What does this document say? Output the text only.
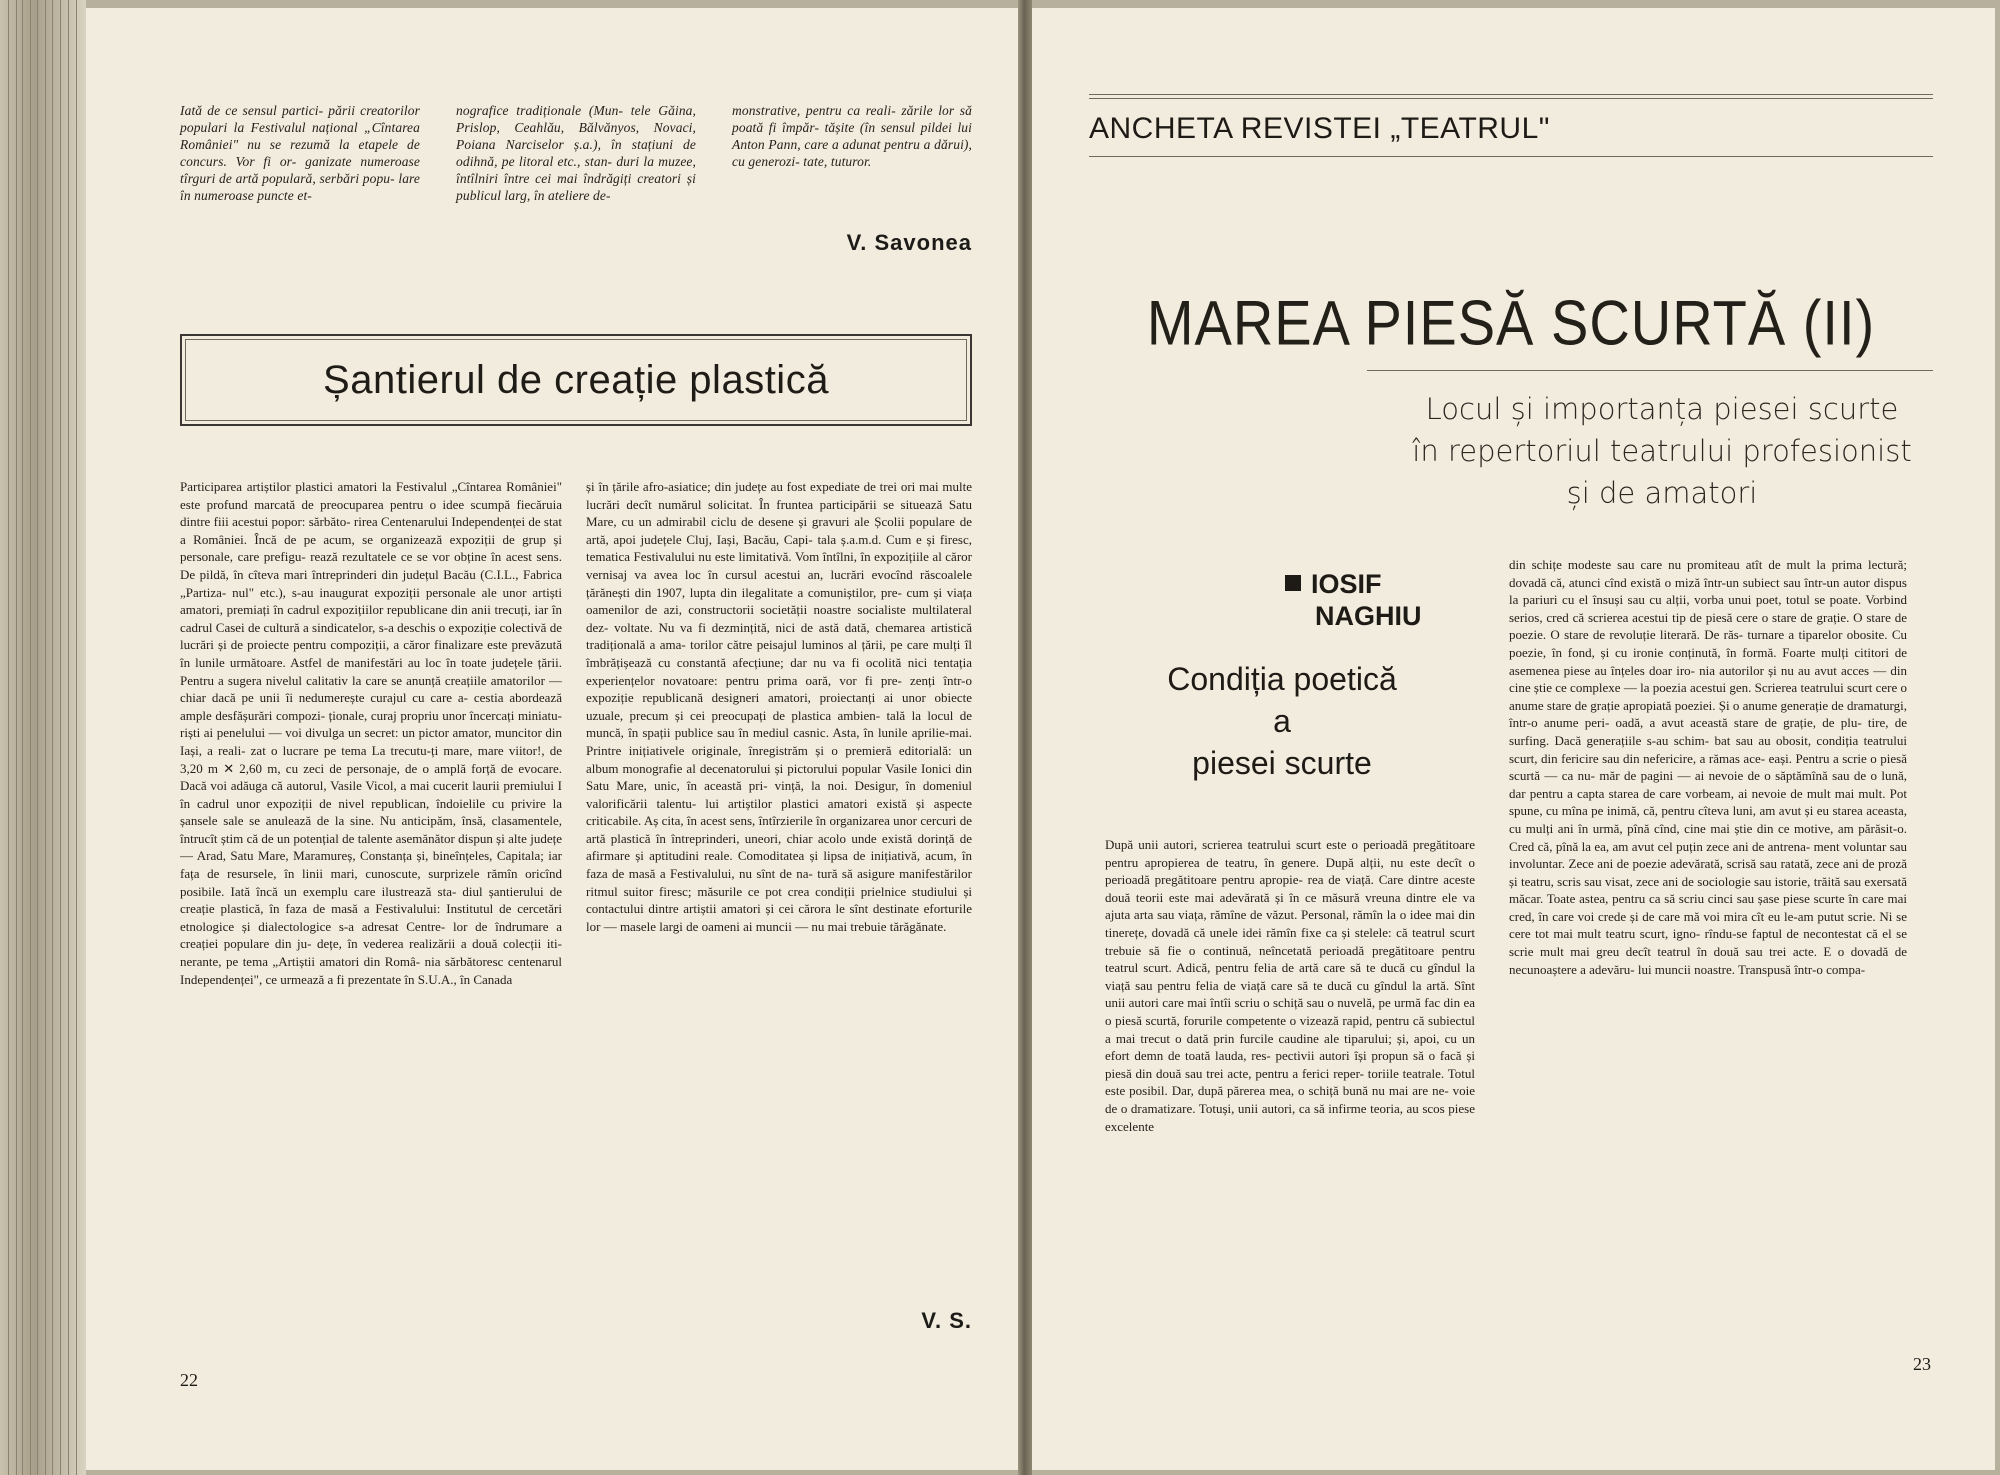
Iată de ce sensul partici- pării creatorilor populari la Festivalul național „Cîntarea României" nu se rezumă la etapele de concurs. Vor fi or- ganizate numeroase tîrguri de artă populară, serbări popu- lare în numeroase puncte et-

nografice tradiționale (Mun- tele Găina, Prislop, Ceahlău, Bălvănyos, Novaci, Poiana Narciselor ș.a.), în stațiuni de odihnă, pe litoral etc., stan- duri la muzee, întîlniri între cei mai îndrăgiți creatori și publicul larg, în ateliere de-

monstrative, pentru ca reali- zările lor să poată fi împăr- tășite (în sensul pildei lui Anton Pann, care a adunat pentru a dărui), cu generozi- tate, tuturor.

V. Savonea
Șantierul de creație plastică

Participarea artiștilor plastici amatori la Festivalul „Cîntarea României" este profund marcată de preocuparea pentru o idee scumpă fiecăruia dintre fiii acestui popor: sărbăto- rirea Centenarului Independenței de stat a României. Încă de pe acum, se organizează expoziții de grup și personale, care prefigu- rează rezultatele ce se vor obține în acest sens. De pildă, în cîteva mari întreprinderi din județul Bacău (C.I.L., Fabrica „Partiza- nul" etc.), s-au inaugurat expoziții personale ale unor artiști amatori, premiați în cadrul expozițiilor republicane din anii trecuți, iar în cadrul Casei de cultură a sindicatelor, s-a deschis o expoziție colectivă de lucrări și de proiecte pentru compoziții, a căror finalizare este prevăzută în lunile următoare. Astfel de manifestări au loc în toate județele țării. Pentru a sugera nivelul calitativ la care se anunță creațiile amatorilor — chiar dacă pe unii îi nedumerește curajul cu care a- cestia abordează ample desfășurări compozi- ționale, curaj propriu unor încercați miniatu- riști ai penelului — voi divulga un secret: un pictor amator, muncitor din Iași, a reali- zat o lucrare pe tema La trecutu-ți mare, mare viitor!, de 3,20 m ✕ 2,60 m, cu zeci de personaje, de o amplă forță de evocare. Dacă voi adăuga că autorul, Vasile Vicol, a mai cucerit laurii premiului I în cadrul unor expoziții de nivel republican, îndoielile cu privire la șansele sale se anulează de la sine. Nu anticipăm, însă, clasamentele, întrucît știm că de un potențial de talente asemănător dispun și alte județe — Arad, Satu Mare, Maramureș, Constanța și, bineînțeles, Capitala; iar fața de resursele, în linii mari, cunoscute, surprizele rămîn oricînd posibile. Iată încă un exemplu care ilustrează sta- diul șantierului de creație plastică, în faza de masă a Festivalului: Institutul de cercetări etnologice și dialectologice s-a adresat Centre- lor de îndrumare a creației populare din ju- dețe, în vederea realizării a două colecții iti- nerante, pe tema „Artiștii amatori din Româ- nia sărbătoresc centenarul Independenței", ce urmează a fi prezentate în S.U.A., în Canada

și în țările afro-asiatice; din județe au fost expediate de trei ori mai multe lucrări decît numărul solicitat. În fruntea participării se situează Satu Mare, cu un admirabil ciclu de desene și gravuri ale Școlii populare de artă, apoi județele Cluj, Iași, Bacău, Capi- tala ș.a.m.d. Cum e și firesc, tematica Festivalului nu este limitativă. Vom întîlni, în expozițiile al căror vernisaj va avea loc în cursul acestui an, lucrări evocînd răscoalele țărănești din 1907, lupta din ilegalitate a comuniștilor, pre- cum și viața oamenilor de azi, constructorii societății noastre socialiste multilateral dez- voltate. Nu va fi dezmințită, nici de astă dată, chemarea artistică tradițională a ama- torilor către peisajul luminos al țării, pe care mulți îl îmbrățișează cu constantă afecțiune; dar nu va fi ocolită nici tentația experiențelor novatoare: pentru prima oară, vor fi pre- zenți într-o expoziție republicană designeri amatori, proiectanți ai unor obiecte uzuale, precum și cei preocupați de plastica ambien- tală la locul de muncă, în spații publice sau în mediul casnic. Asta, în lunile aprilie-mai. Printre inițiativele originale, înregistrăm și o premieră editorială: un album monografie al decenatorului și pictorului popular Vasile Ionici din Satu Mare, unic, în această pri- vință, la noi. Desigur, în domeniul valorificării talentu- lui artiștilor plastici amatori există și aspecte criticabile. Aș cita, în acest sens, întîrzierile în organizarea unor cercuri de artă plastică în întreprinderi, uneori, chiar acolo unde există dorință de afirmare și aptitudini reale. Comoditatea și lipsa de inițiativă, acum, în faza de masă a Festivalului, nu sînt de na- tură să asigure manifestărilor ritmul suitor firesc; măsurile ce pot crea condiții prielnice studiului și contactului dintre artiștii amatori și cei cărora le sînt destinate eforturile lor — masele largi de oameni ai muncii — nu mai trebuie tărăgănate.

V. S.
22
ANCHETA REVISTEI „TEATRUL"
MAREA PIESĂ SCURTĂ (II)
Locul și importanța piesei scurte
în repertoriul teatrului profesionist
și de amatori
IOSIF
NAGHIU
Condiția poetică
a
piesei scurte

După unii autori, scrierea teatrului scurt este o perioadă pregătitoare pentru apropierea de teatru, în genere. După alții, nu este decît o perioadă pregătitoare pentru apropie- rea de viață. Care dintre aceste două teorii este mai adevărată și în ce măsură vreuna dintre ele va ajuta arta sau viața, rămîne de văzut. Personal, rămîn la o idee mai din tinerețe, dovadă că unele idei rămîn fixe ca și stelele: că teatrul scurt trebuie să fie o continuă, neîncetată perioadă pregătitoare pentru teatrul scurt. Adică, pentru felia de artă care să te ducă cu gîndul la viață sau pentru felia de viață care să te ducă cu gîndul la artă. Sînt unii autori care mai întîi scriu o schiță sau o nuvelă, pe urmă fac din ea o piesă scurtă, forurile competente o vizează rapid, pentru că subiectul a mai trecut o dată prin furcile caudine ale tiparului; și, apoi, cu un efort demn de toată lauda, res- pectivii autori își propun să o facă și piesă din două sau trei acte, pentru a ferici reper- toriile teatrale. Totul este posibil. Dar, după părerea mea, o schiță bună nu mai are ne- voie de o dramatizare. Totuși, unii autori, ca să infirme teoria, au scos piese excelente

din schițe modeste sau care nu promiteau atît de mult la prima lectură; dovadă că, atunci cînd există o miză într-un subiect sau într-un autor dispus la pariuri cu el însuși sau cu alții, vorba unui poet, totul se poate. Vorbind serios, cred că scrierea acestui tip de piesă cere o stare de grație. O stare de poezie. O stare de revoluție literară. De răs- turnare a tiparelor obosite. Cu poezie, în fond, și cu ironie conținută, în formă. Foarte mulți cititori de asemenea piese au înțeles doar iro- nia autorilor și nu au avut acces — din cine știe ce complexe — la poezia acestui gen. Scrierea teatrului scurt cere o anume stare de grație apropiată poeziei. Și o anume generație de dramaturgi, într-o anume peri- oadă, a avut această stare de grație, de plu- tire, de surfing. Dacă generațiile s-au schim- bat sau au obosit, condiția teatrului scurt, din fericire sau din nefericire, a rămas ace- eași. Pentru a scrie o piesă scurtă — ca nu- măr de pagini — ai nevoie de o săptămînă sau de o lună, dar pentru a capta starea de care vorbeam, ai nevoie de mult mai mult. Pot spune, cu mîna pe inimă, că, pentru cîteva luni, am avut și eu starea aceasta, cu mulți ani în urmă, pînă cînd, cine mai știe din ce motive, am părăsit-o. Cred că, pînă la ea, am avut cel puțin zece ani de antrena- ment voluntar sau involuntar. Zece ani de poezie adevărată, scrisă sau ratată, zece ani de proză și teatru, scris sau visat, zece ani de sociologie sau istorie, trăită sau exersată măcar. Toate astea, pentru ca să scriu cinci sau șase piese scurte în care mai cred, în care voi crede și de care mă voi mira cît eu le-am putut scrie. Ni se cere tot mai mult teatru scurt, igno- rîndu-se faptul de necontestat că el se scrie mult mai greu decît teatrul în două sau trei acte. E o dovadă de necunoaștere a adevăru- lui muncii noastre. Transpusă într-o compa-

23
